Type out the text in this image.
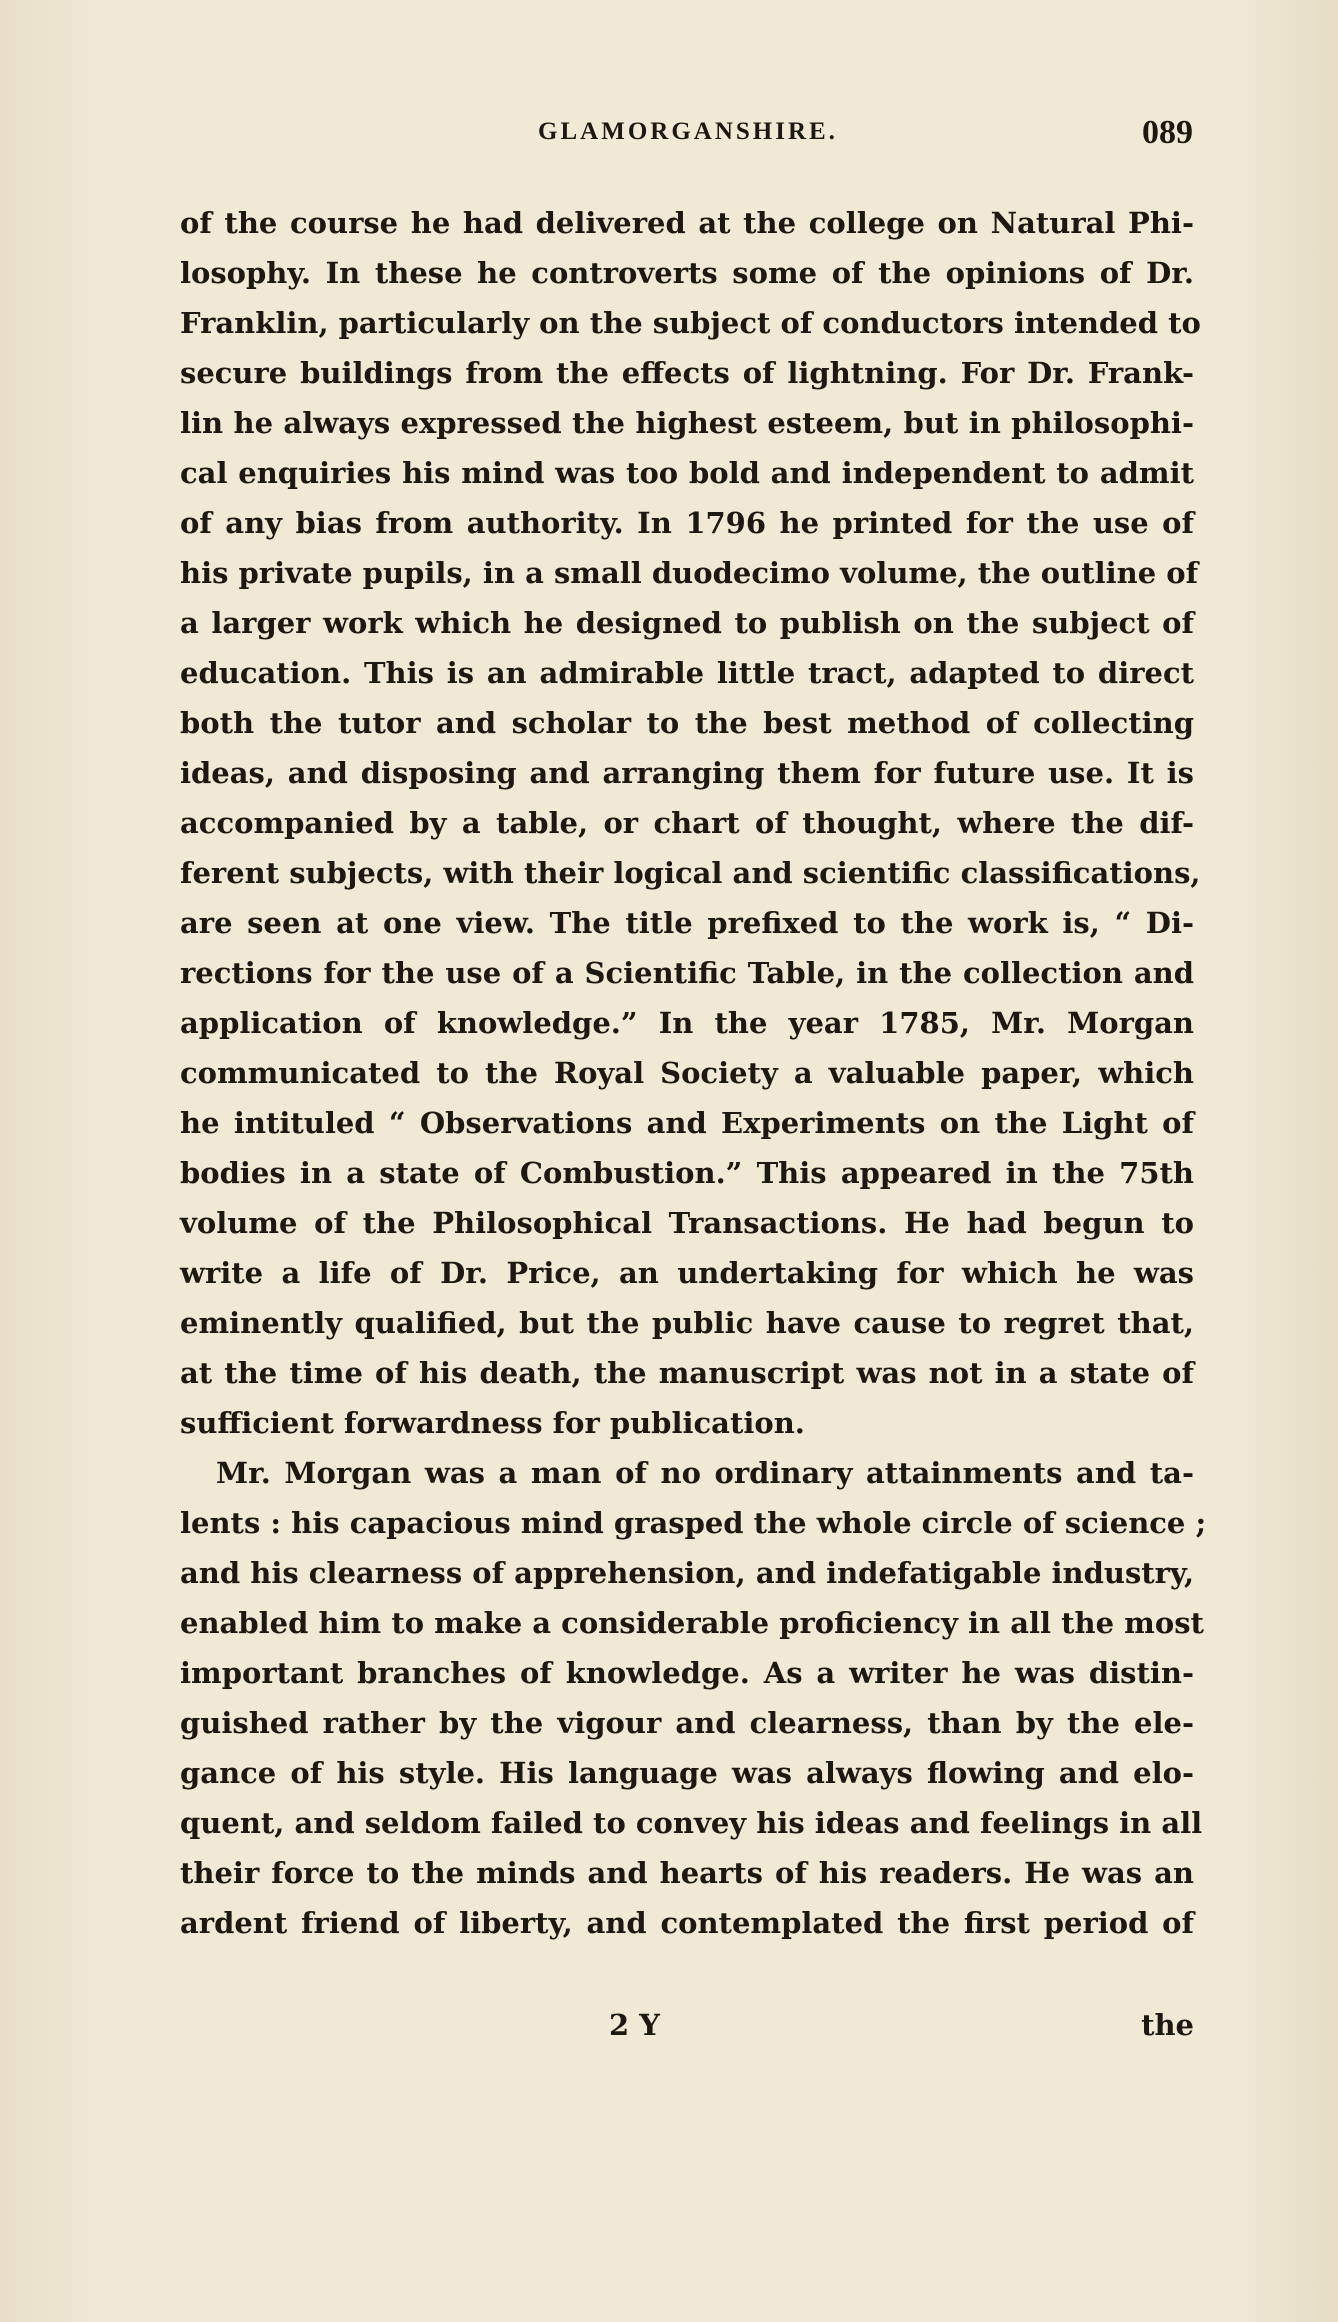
GLAMORGANSHIRE.	089
of the course he had delivered at the college on Natural Phi-
losophy. In these he controverts some of the opinions of Dr.
Franklin, particularly on the subject of conductors intended to
secure buildings from the effects of lightning. For Dr. Frank-
lin he always expressed the highest esteem, but in philosophi-
cal enquiries his mind was too bold and independent to admit
of any bias from authority. In 1796 he printed for the use of
his private pupils, in a small duodecimo volume, the outline of
a larger work which he designed to publish on the subject of
education. This is an admirable little tract, adapted to direct
both the tutor and scholar to the best method of collecting
ideas, and disposing and arranging them for future use. It is
accompanied by a table, or chart of thought, where the dif-
ferent subjects, with their logical and scientific classifications,
are seen at one view. The title prefixed to the work is, “ Di-
rections for the use of a Scientific Table, in the collection and
application of knowledge.” In the year 1785, Mr. Morgan
communicated to the Royal Society a valuable paper, which
he intituled “ Observations and Experiments on the Light of
bodies in a state of Combustion.” This appeared in the 75th
volume of the Philosophical Transactions. He had begun to
write a life of Dr. Price, an undertaking for which he was
eminently qualified, but the public have cause to regret that,
at the time of his death, the manuscript was not in a state of
sufficient forwardness for publication.
Mr. Morgan was a man of no ordinary attainments and ta-
lents : his capacious mind grasped the whole circle of science ;
and his clearness of apprehension, and indefatigable industry,
enabled him to make a considerable proficiency in all the most
important branches of knowledge. As a writer he was distin-
guished rather by the vigour and clearness, than by the ele-
gance of his style. His language was always flowing and elo-
quent, and seldom failed to convey his ideas and feelings in all
their force to the minds and hearts of his readers. He was an
ardent friend of liberty, and contemplated the first period of
2 Y	the
